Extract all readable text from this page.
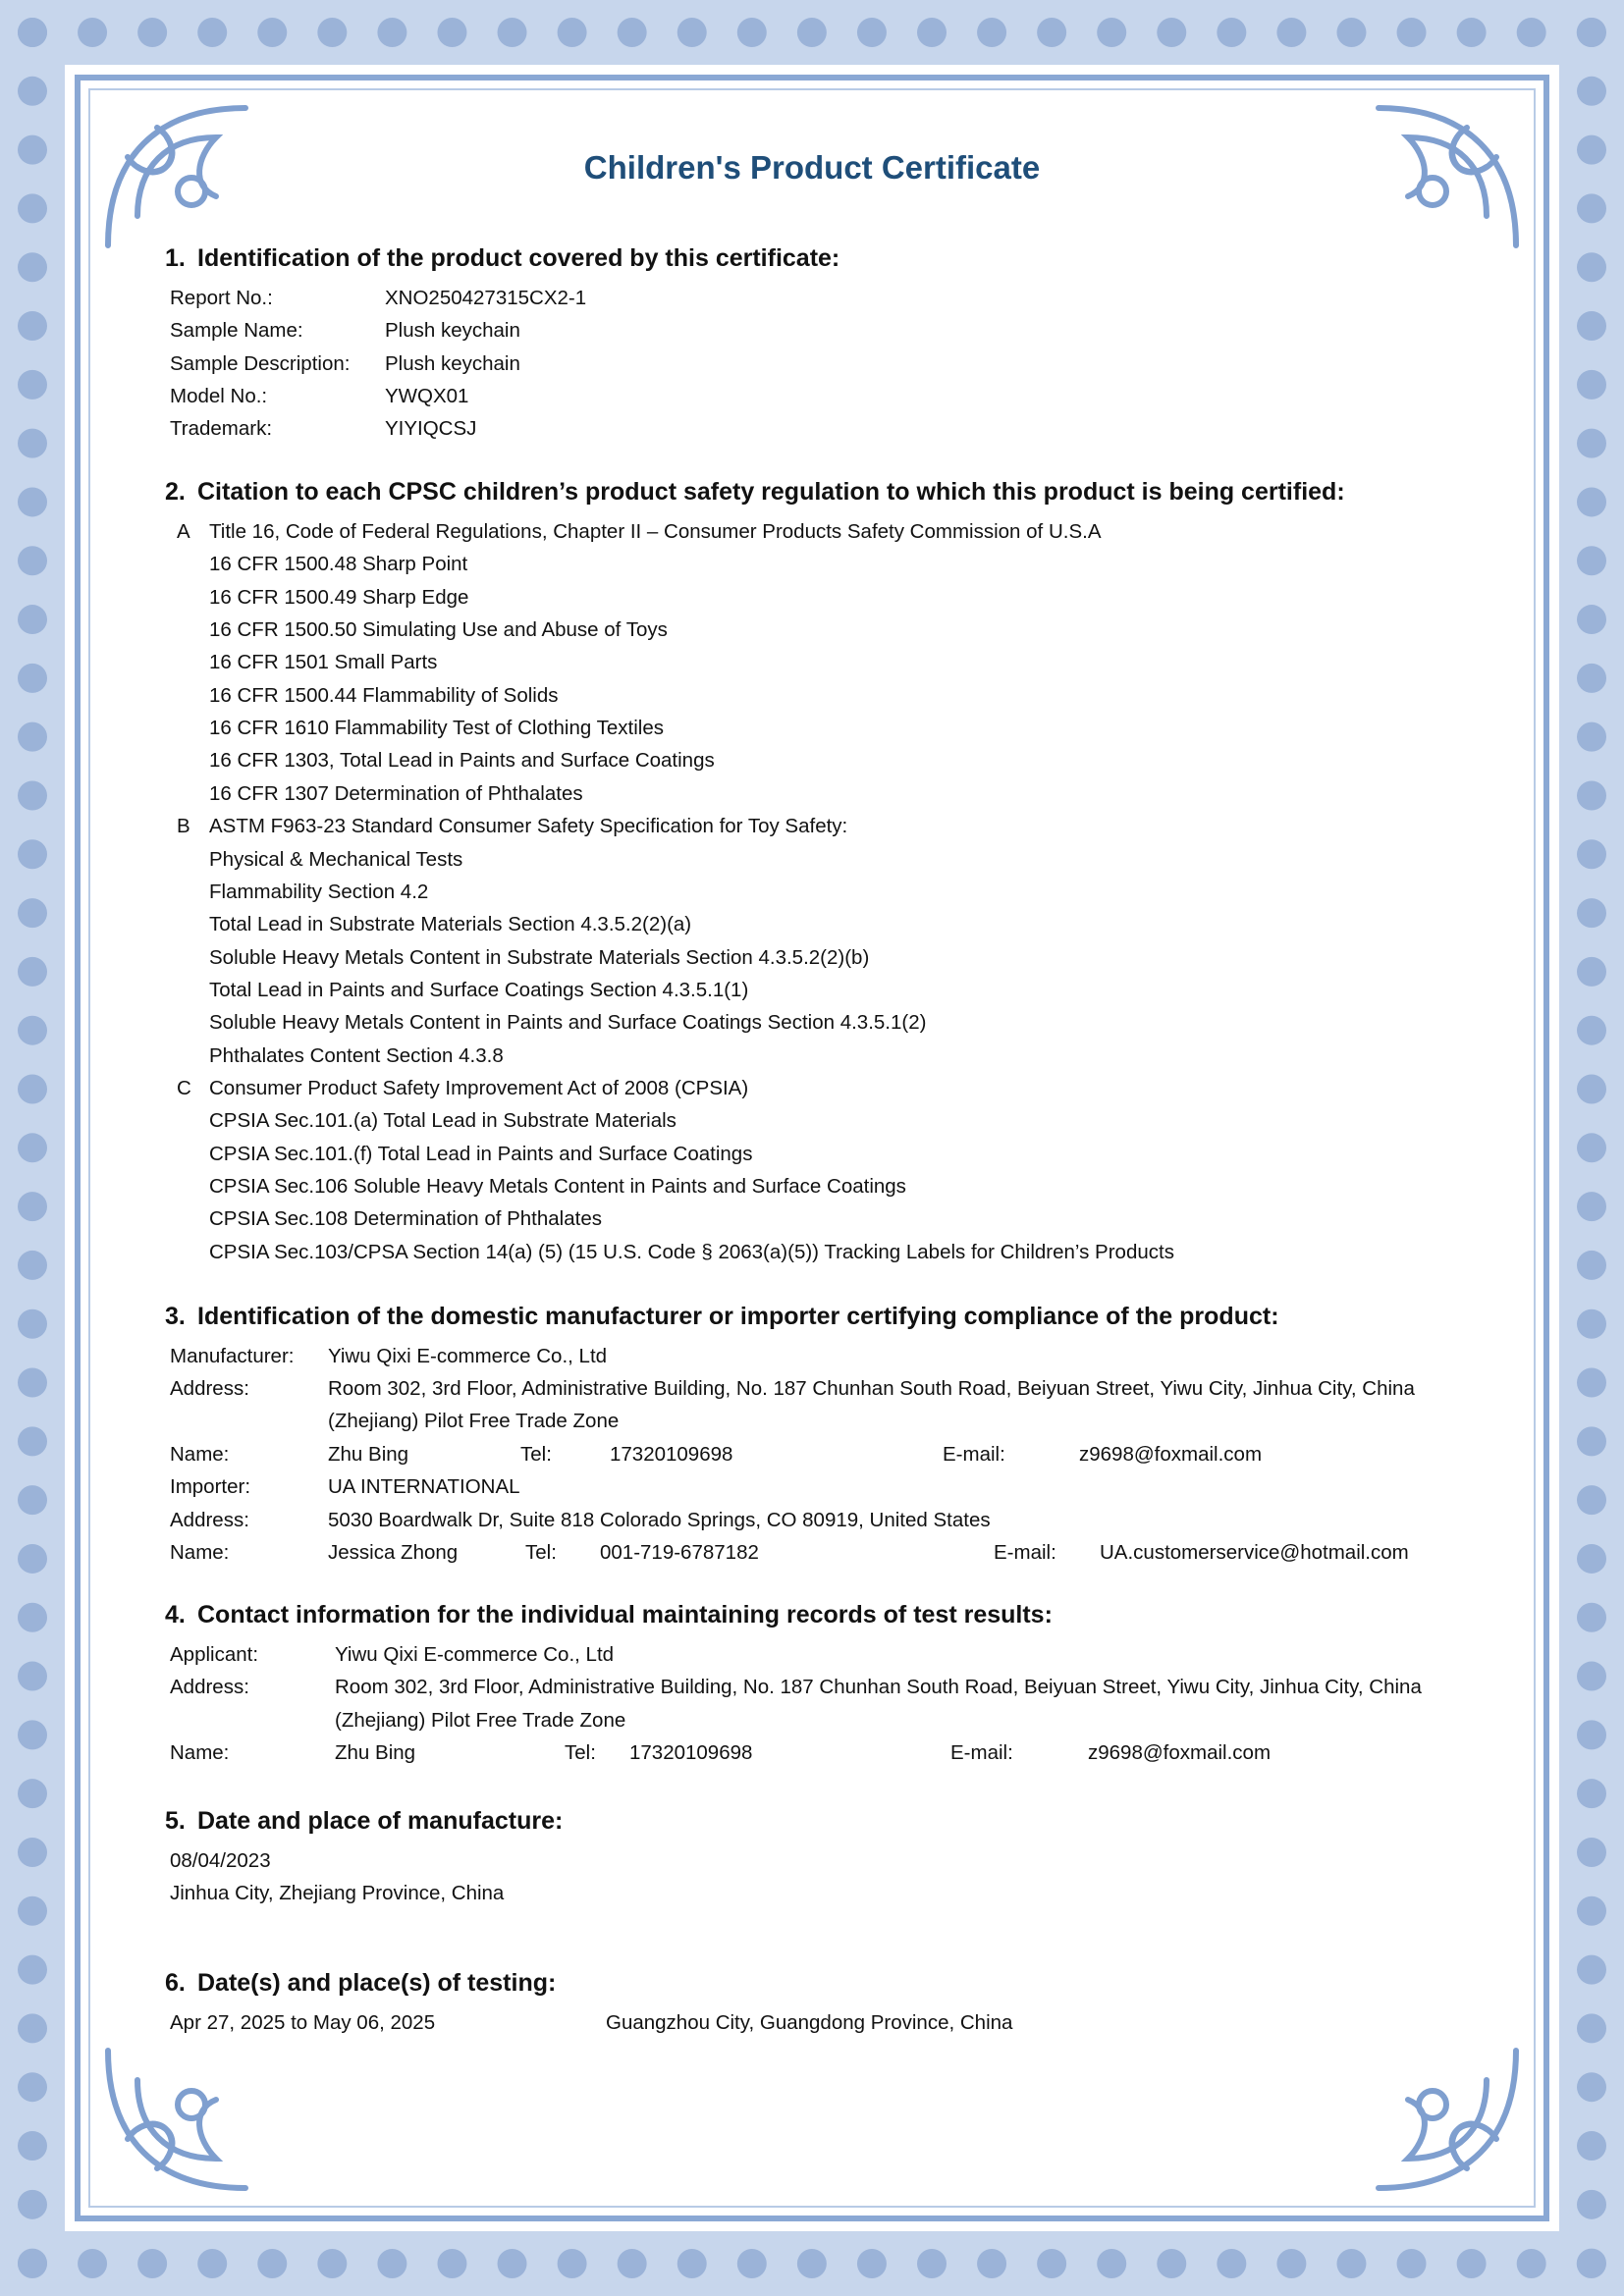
Children's Product Certificate
1. Identification of the product covered by this certificate:
Report No.:	XNO250427315CX2-1
Sample Name:	Plush keychain
Sample Description: Plush keychain
Model No.:	YWQX01
Trademark:	YIYIQCSJ
2. Citation to each CPSC children’s product safety regulation to which this product is being certified:
A Title 16, Code of Federal Regulations, Chapter II – Consumer Products Safety Commission of U.S.A
16 CFR 1500.48 Sharp Point
16 CFR 1500.49 Sharp Edge
16 CFR 1500.50 Simulating Use and Abuse of Toys
16 CFR 1501 Small Parts
16 CFR 1500.44 Flammability of Solids
16 CFR 1610 Flammability Test of Clothing Textiles
16 CFR 1303, Total Lead in Paints and Surface Coatings
16 CFR 1307 Determination of Phthalates
B ASTM F963-23 Standard Consumer Safety Specification for Toy Safety:
Physical & Mechanical Tests
Flammability Section 4.2
Total Lead in Substrate Materials Section 4.3.5.2(2)(a)
Soluble Heavy Metals Content in Substrate Materials Section 4.3.5.2(2)(b)
Total Lead in Paints and Surface Coatings Section 4.3.5.1(1)
Soluble Heavy Metals Content in Paints and Surface Coatings Section 4.3.5.1(2)
Phthalates Content Section 4.3.8
C Consumer Product Safety Improvement Act of 2008 (CPSIA)
CPSIA Sec.101.(a) Total Lead in Substrate Materials
CPSIA Sec.101.(f) Total Lead in Paints and Surface Coatings
CPSIA Sec.106 Soluble Heavy Metals Content in Paints and Surface Coatings
CPSIA Sec.108 Determination of Phthalates
CPSIA Sec.103/CPSA Section 14(a) (5) (15 U.S. Code § 2063(a)(5)) Tracking Labels for Children’s Products
3. Identification of the domestic manufacturer or importer certifying compliance of the product:
Manufacturer: Yiwu Qixi E-commerce Co., Ltd
Address:	Room 302, 3rd Floor, Administrative Building, No. 187 Chunhan South Road, Beiyuan Street, Yiwu City, Jinhua City, China
(Zhejiang) Pilot Free Trade Zone
Name:	Zhu Bing	Tel:	17320109698	E-mail:	z9698@foxmail.com
Importer:	UA INTERNATIONAL
Address:	5030 Boardwalk Dr, Suite 818 Colorado Springs, CO 80919, United States
Name:	Jessica Zhong	Tel: 001-719-6787182	E-mail: UA.customerservice@hotmail.com
4. Contact information for the individual maintaining records of test results:
Applicant:	Yiwu Qixi E-commerce Co., Ltd
Address:	Room 302, 3rd Floor, Administrative Building, No. 187 Chunhan South Road, Beiyuan Street, Yiwu City, Jinhua City, China
(Zhejiang) Pilot Free Trade Zone
Name:	Zhu Bing	Tel: 17320109698	E-mail:	z9698@foxmail.com
5. Date and place of manufacture:
08/04/2023
Jinhua City, Zhejiang Province, China
6. Date(s) and place(s) of testing:
Apr 27, 2025 to May 06, 2025	Guangzhou City, Guangdong Province, China
